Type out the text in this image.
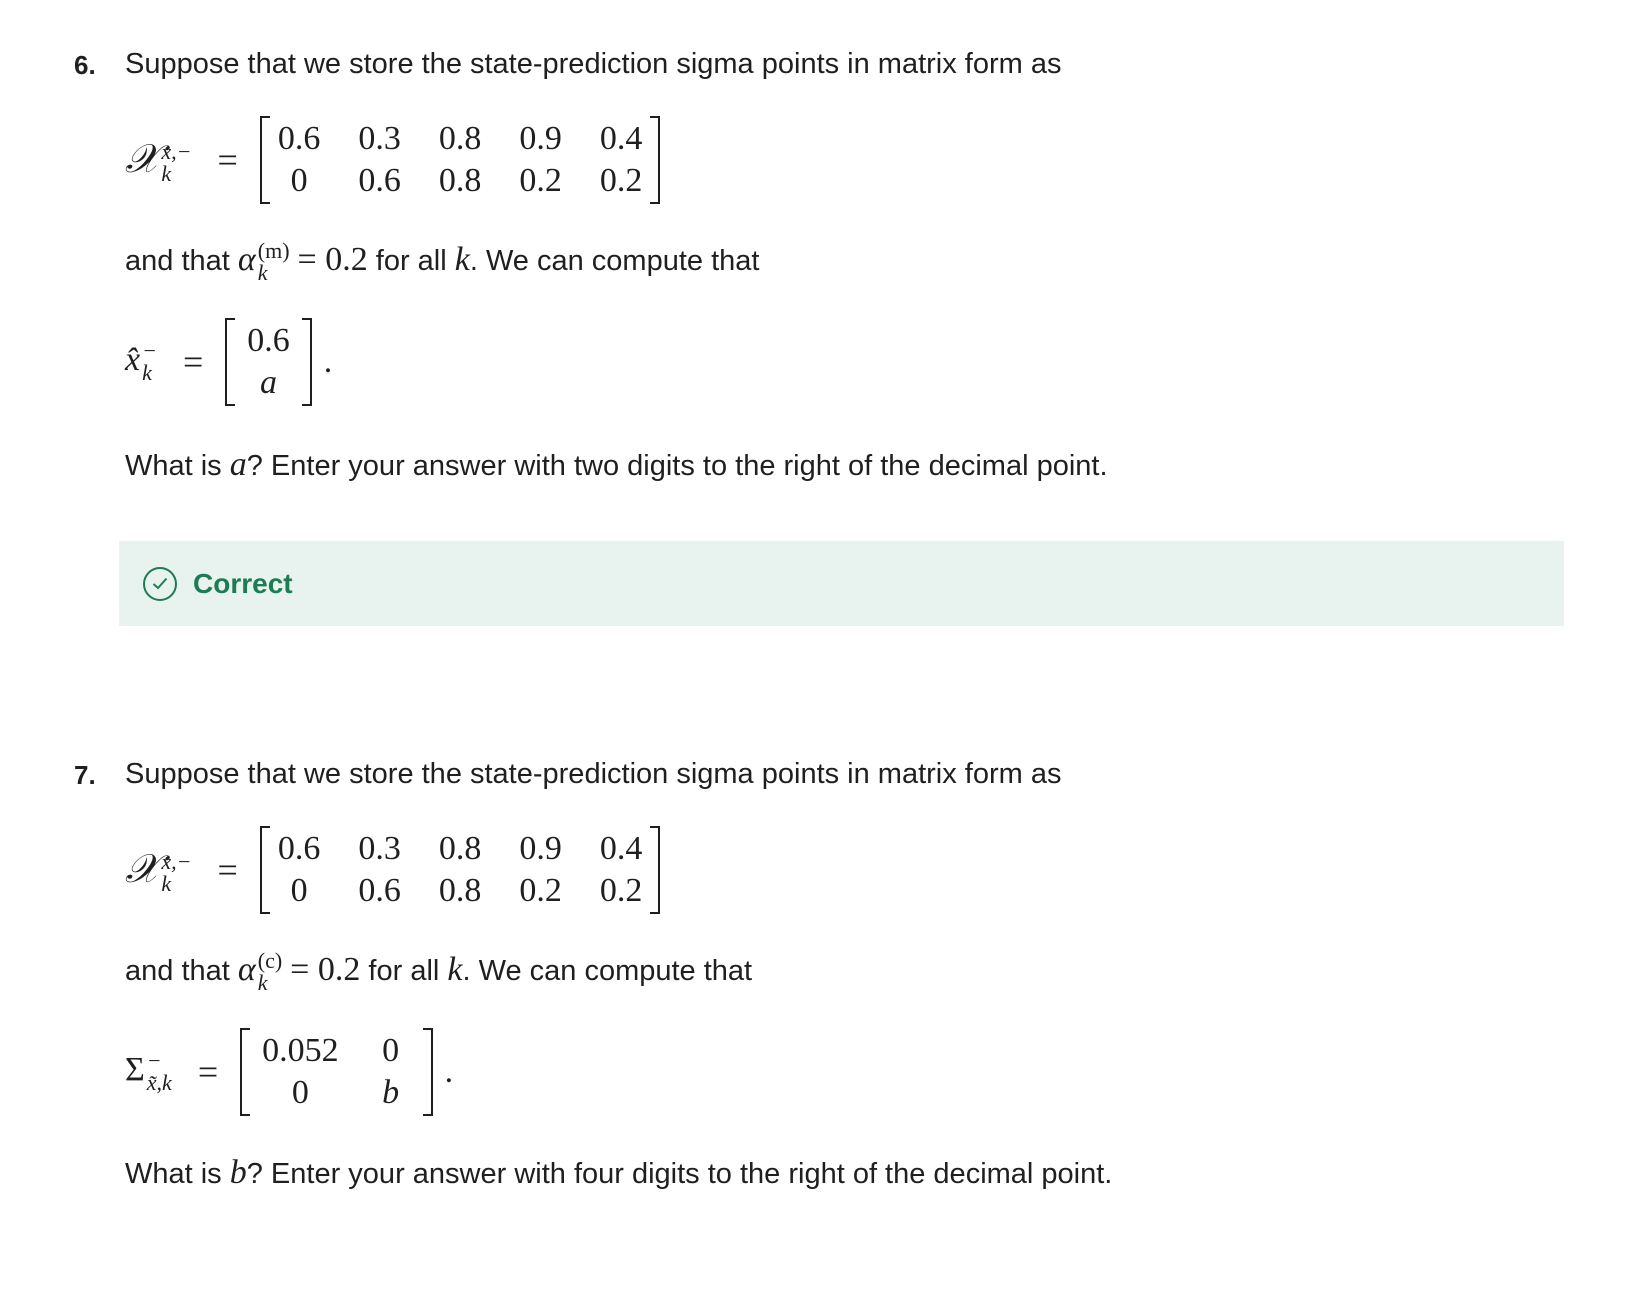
6. Suppose that we store the state-prediction sigma points in matrix form as
𝒳 x,−
k	=
0.6 0.3 0.8 0.9 0.4
0	0.6 0.8 0.2 0.2
and that α (m)
k = 0.2 for all k. We can compute that
x̂ −
k =
0.6
a
.
What is a? Enter your answer with two digits to the right of the decimal point.
Correct
7. Suppose that we store the state-prediction sigma points in matrix form as
𝒳 x,−
k	=
0.6 0.3 0.8 0.9 0.4
0	0.6 0.8 0.2 0.2
and that α (c)
k = 0.2 for all k. We can compute that
Σ −
x̃,k =
0.052	0
0	b
.
What is b? Enter your answer with four digits to the right of the decimal point.
